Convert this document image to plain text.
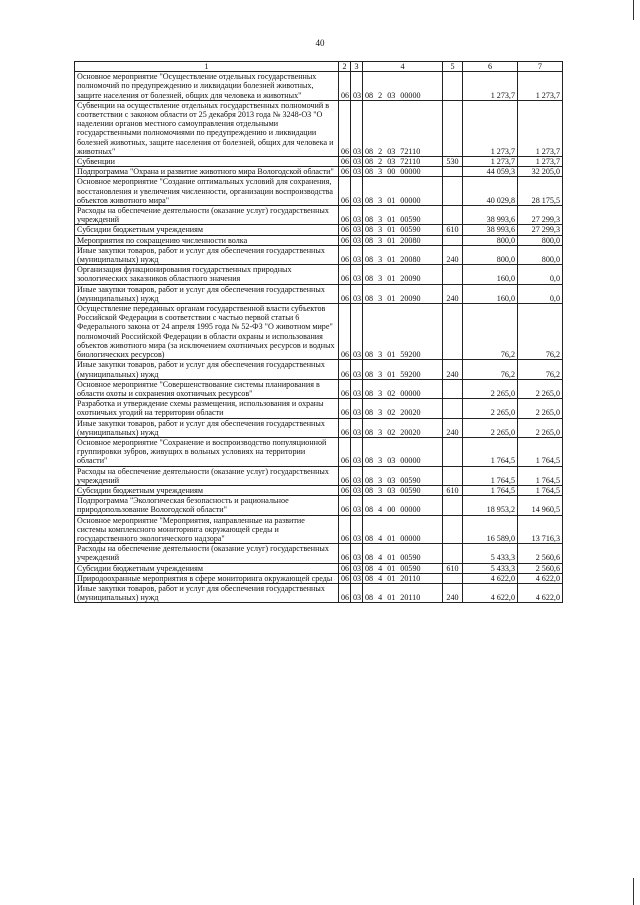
40
1	2	3	4	5	6	7
Основное мероприятие "Осуществление отдельных государственных полномочий по предупреждению и ликвидации болезней животных, защите населения от болезней, общих для человека и животных"	06	03	08 2 03 00000		1 273,7	1 273,7
Субвенции на осуществление отдельных государственных полномочий в соответствии с законом области от 25 декабря 2013 года № 3248-ОЗ "О наделении органов местного самоуправления отдельными государственными полномочиями по предупреждению и ликвидации болезней животных, защите населения от болезней, общих для человека и животных"	06	03	08 2 03 72110		1 273,7	1 273,7
Субвенции	06	03	08 2 03 72110	530	1 273,7	1 273,7
Подпрограмма "Охрана и развитие животного мира Вологодской области"	06	03	08 3 00 00000		44 059,3	32 205,0
Основное мероприятие "Создание оптимальных условий для сохранения, восстановления и увеличения численности, организации воспроизводства объектов животного мира"	06	03	08 3 01 00000		40 029,8	28 175,5
Расходы на обеспечение деятельности (оказание услуг) государственных учреждений	06	03	08 3 01 00590		38 993,6	27 299,3
Субсидии бюджетным учреждениям	06	03	08 3 01 00590	610	38 993,6	27 299,3
Мероприятия по сокращению численности волка	06	03	08 3 01 20080		800,0	800,0
Иные закупки товаров, работ и услуг для обеспечения государственных (муниципальных) нужд	06	03	08 3 01 20080	240	800,0	800,0
Организация функционирования государственных природных зоологических заказников областного значения	06	03	08 3 01 20090		160,0	0,0
Иные закупки товаров, работ и услуг для обеспечения государственных (муниципальных) нужд	06	03	08 3 01 20090	240	160,0	0,0
Осуществление переданных органам государственной власти субъектов Российской Федерации в соответствии с частью первой статьи 6 Федерального закона от 24 апреля 1995 года № 52-ФЗ "О животном мире" полномочий Российской Федерации в области охраны и использования объектов животного мира (за исключением охотничьих ресурсов и водных биологических ресурсов)	06	03	08 3 01 59200		76,2	76,2
Иные закупки товаров, работ и услуг для обеспечения государственных (муниципальных) нужд	06	03	08 3 01 59200	240	76,2	76,2
Основное мероприятие "Совершенствование системы планирования в области охоты и сохранения охотничьих ресурсов"	06	03	08 3 02 00000		2 265,0	2 265,0
Разработка и утверждение схемы размещения, использования и охраны охотничьих угодий на территории области	06	03	08 3 02 20020		2 265,0	2 265,0
Иные закупки товаров, работ и услуг для обеспечения государственных (муниципальных) нужд	06	03	08 3 02 20020	240	2 265,0	2 265,0
Основное мероприятие "Сохранение и воспроизводство популяционной группировки зубров, живущих в вольных условиях на территории области"	06	03	08 3 03 00000		1 764,5	1 764,5
Расходы на обеспечение деятельности (оказание услуг) государственных учреждений	06	03	08 3 03 00590		1 764,5	1 764,5
Субсидии бюджетным учреждениям	06	03	08 3 03 00590	610	1 764,5	1 764,5
Подпрограмма "Экологическая безопасность и рациональное природопользование Вологодской области"	06	03	08 4 00 00000		18 953,2	14 960,5
Основное мероприятие "Мероприятия, направленные на развитие системы комплексного мониторинга окружающей среды и государственного экологического надзора"	06	03	08 4 01 00000		16 589,0	13 716,3
Расходы на обеспечение деятельности (оказание услуг) государственных учреждений	06	03	08 4 01 00590		5 433,3	2 560,6
Субсидии бюджетным учреждениям	06	03	08 4 01 00590	610	5 433,3	2 560,6
Природоохранные мероприятия в сфере мониторинга окружающей среды	06	03	08 4 01 20110		4 622,0	4 622,0
Иные закупки товаров, работ и услуг для обеспечения государственных (муниципальных) нужд	06	03	08 4 01 20110	240	4 622,0	4 622,0
